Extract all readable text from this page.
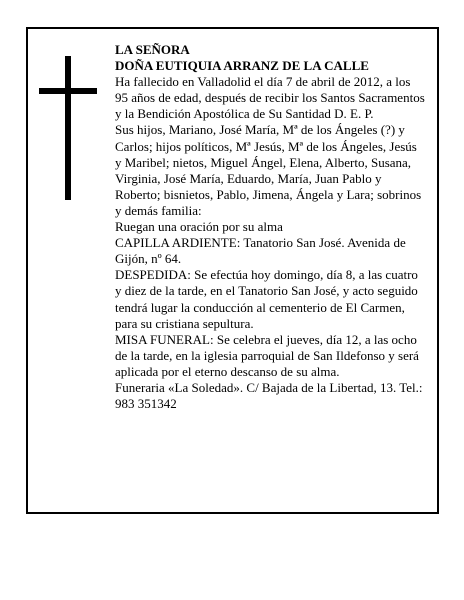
LA SEÑORA

DOÑA EUTIQUIA ARRANZ DE LA CALLE

Ha fallecido en Valladolid el día 7 de abril de 2012, a los 95 años de edad, después de recibir los Santos Sacramentos y la Bendición Apostólica de Su Santidad D. E. P.

Sus hijos, Mariano, José María, Mª de los Ángeles (?) y Carlos; hijos políticos, Mª Jesús, Mª de los Ángeles, Jesús y Maribel; nietos, Miguel Ángel, Elena, Alberto, Susana, Virginia, José María, Eduardo, María, Juan Pablo y Roberto; bisnietos, Pablo, Jimena, Ángela y Lara; sobrinos y demás familia:

Ruegan una oración por su alma

CAPILLA ARDIENTE: Tanatorio San José. Avenida de Gijón, nº 64.

DESPEDIDA: Se efectúa hoy domingo, día 8, a las cuatro y diez de la tarde, en el Tanatorio San José, y acto seguido tendrá lugar la conducción al cementerio de El Carmen, para su cristiana sepultura.

MISA FUNERAL: Se celebra el jueves, día 12, a las ocho de la tarde, en la iglesia parroquial de San Ildefonso y será aplicada por el eterno descanso de su alma.

Funeraria «La Soledad». C/ Bajada de la Libertad, 13. Tel.: 983 351342
